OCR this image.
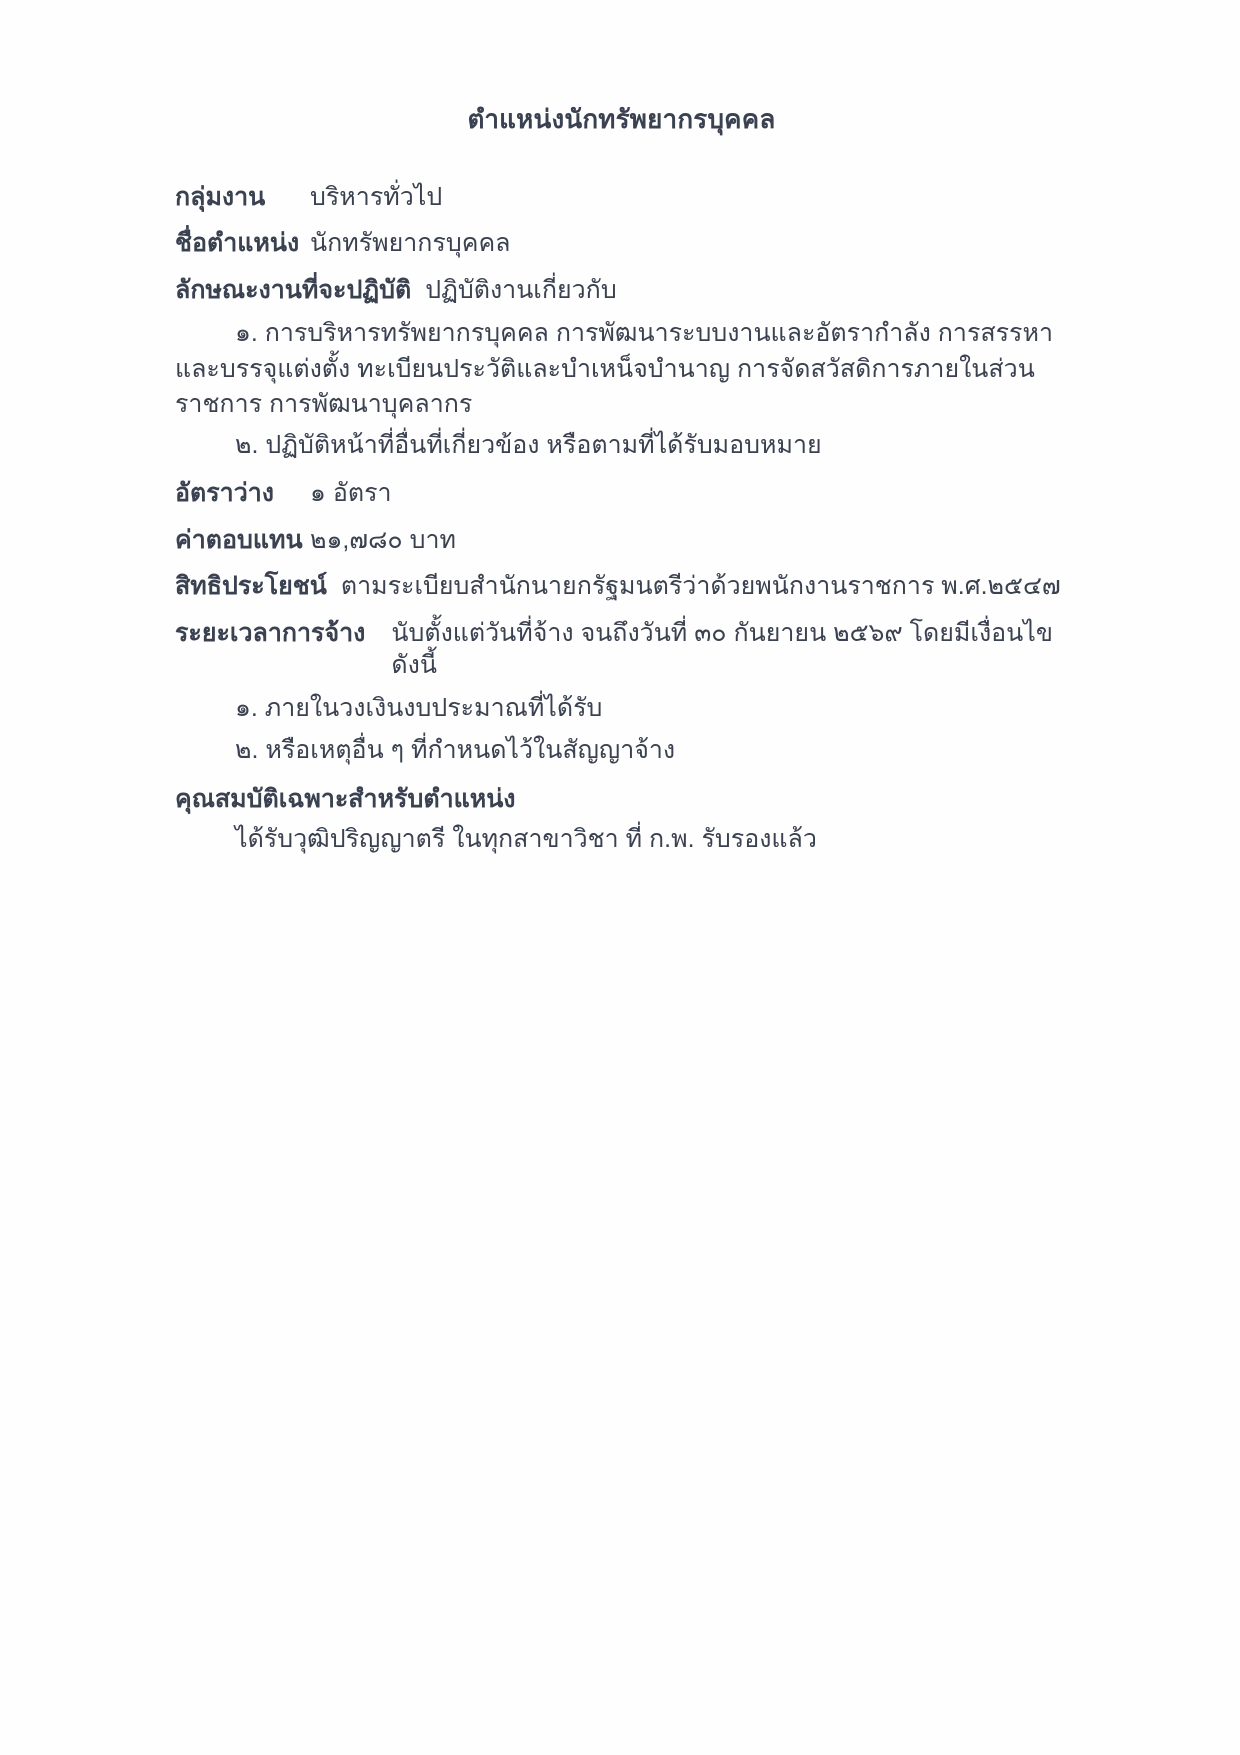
ตำแหน่งนักทรัพยากรบุคคล
กลุ่มงาน	บริหารทั่วไป
ชื่อตำแหน่ง นักทรัพยากรบุคคล
ลักษณะงานที่จะปฏิบัติ ปฏิบัติงานเกี่ยวกับ

๑. การบริหารทรัพยากรบุคคล การพัฒนาระบบงานและอัตรากำลัง การสรรหาและบรรจุแต่งตั้ง ทะเบียนประวัติและบำเหน็จบำนาญ การจัดสวัสดิการภายในส่วนราชการ การพัฒนาบุคลากร

๒. ปฏิบัติหน้าที่อื่นที่เกี่ยวข้อง หรือตามที่ได้รับมอบหมาย

อัตราว่าง	๑ อัตรา
ค่าตอบแทน ๒๑,๗๘๐ บาท
สิทธิประโยชน์ ตามระเบียบสำนักนายกรัฐมนตรีว่าด้วยพนักงานราชการ พ.ศ.๒๕๔๗
ระยะเวลาการจ้าง นับตั้งแต่วันที่จ้าง จนถึงวันที่ ๓๐ กันยายน ๒๕๖๙ โดยมีเงื่อนไขดังนี้

๑. ภายในวงเงินงบประมาณที่ได้รับ

๒. หรือเหตุอื่น ๆ ที่กำหนดไว้ในสัญญาจ้าง

คุณสมบัติเฉพาะสำหรับตำแหน่ง

ได้รับวุฒิปริญญาตรี ในทุกสาขาวิชา ที่ ก.พ. รับรองแล้ว
